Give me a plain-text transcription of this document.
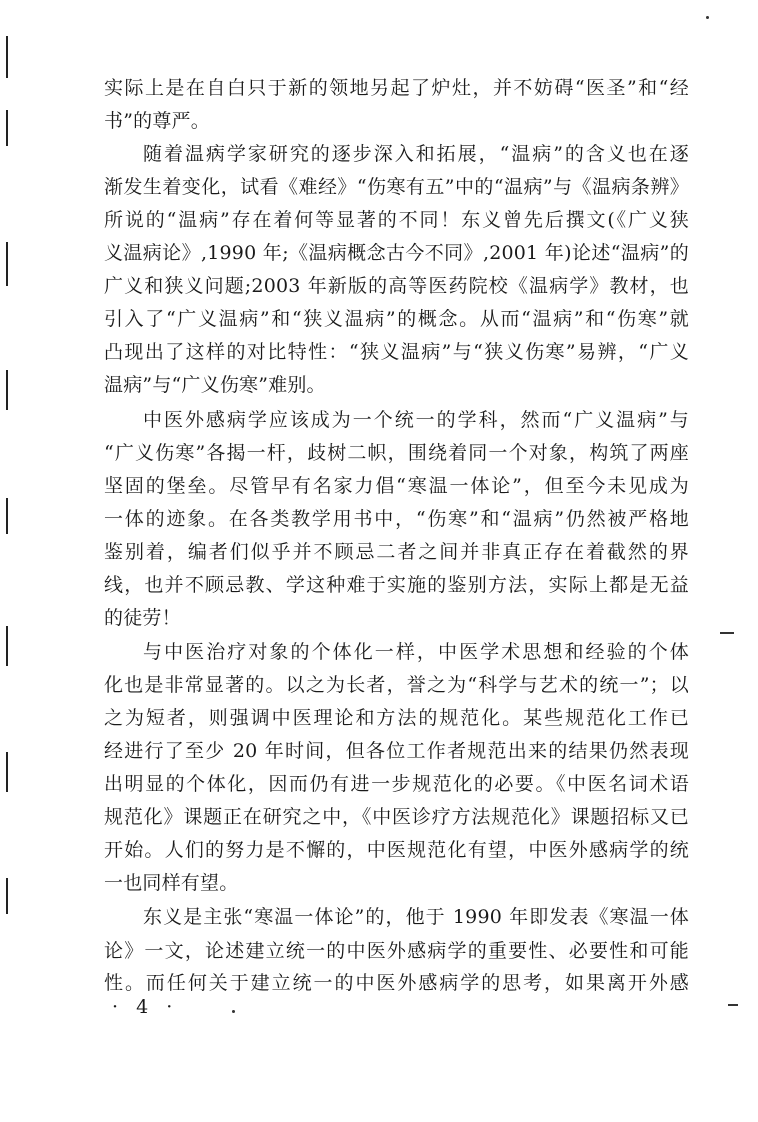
实际上是在自白只于新的领地另起了炉灶，并不妨碍“医圣”和“经
书”的尊严。
随着温病学家研究的逐步深入和拓展，“温病”的含义也在逐
渐发生着变化，试看《难经》“伤寒有五”中的“温病”与《温病条辨》
所说的“温病”存在着何等显著的不同！东义曾先后撰文(《广义狭
义温病论》,1990 年;《温病概念古今不同》,2001 年)论述“温病”的
广义和狭义问题;2003 年新版的高等医药院校《温病学》教材，也
引入了“广义温病”和“狭义温病”的概念。从而“温病”和“伤寒”就
凸现出了这样的对比特性：“狭义温病”与“狭义伤寒”易辨，“广义
温病”与“广义伤寒”难别。
中医外感病学应该成为一个统一的学科，然而“广义温病”与
“广义伤寒”各揭一杆，歧树二帜，围绕着同一个对象，构筑了两座
坚固的堡垒。尽管早有名家力倡“寒温一体论”，但至今未见成为
一体的迹象。在各类教学用书中，“伤寒”和“温病”仍然被严格地
鉴别着，编者们似乎并不顾忌二者之间并非真正存在着截然的界
线，也并不顾忌教、学这种难于实施的鉴别方法，实际上都是无益
的徒劳！
与中医治疗对象的个体化一样，中医学术思想和经验的个体
化也是非常显著的。以之为长者，誉之为“科学与艺术的统一”；以
之为短者，则强调中医理论和方法的规范化。某些规范化工作已
经进行了至少 20 年时间，但各位工作者规范出来的结果仍然表现
出明显的个体化，因而仍有进一步规范化的必要。《中医名词术语
规范化》课题正在研究之中，《中医诊疗方法规范化》课题招标又已
开始。人们的努力是不懈的，中医规范化有望，中医外感病学的统
一也同样有望。
东义是主张“寒温一体论”的，他于 1990 年即发表《寒温一体
论》一文，论述建立统一的中医外感病学的重要性、必要性和可能
性。而任何关于建立统一的中医外感病学的思考，如果离开外感
· 4 ·
